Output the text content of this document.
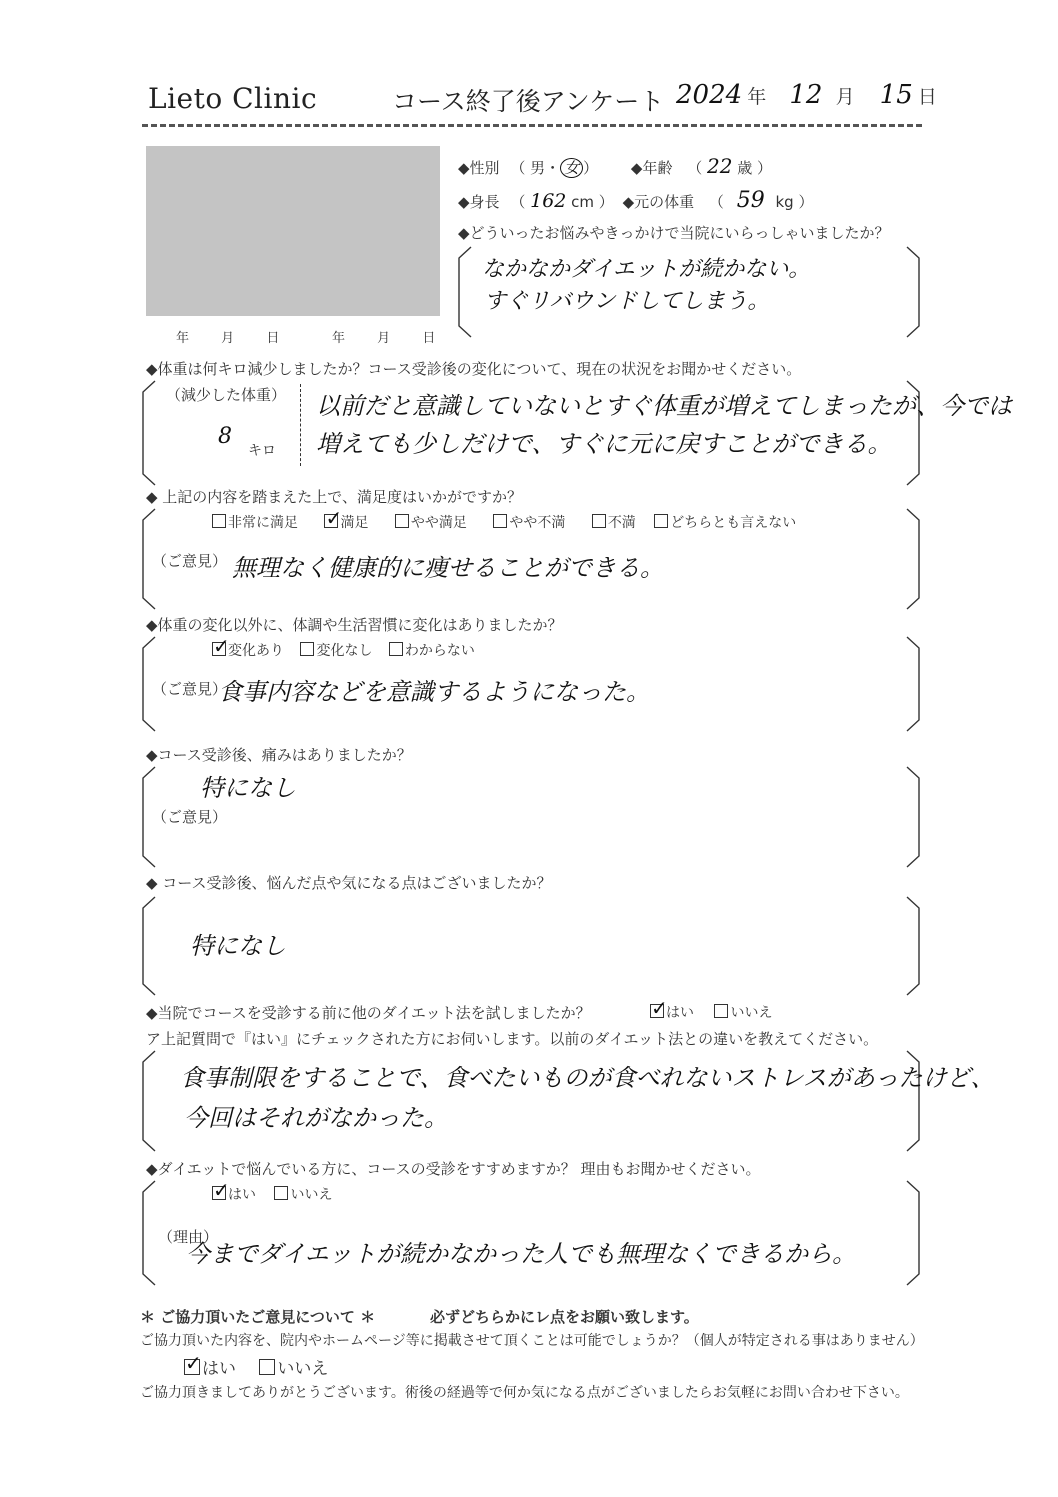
Lieto Clinic	コース終了後アンケート 2024 年 12 月 15 日
年 月 日	年 月 日
◆性別 （ 男・ 女 ） ◆年齢 （ 22 歳 ）
◆身長 （ 162 cm ） ◆元の体重 （ 59 kg ）
◆どういったお悩みやきっかけで当院にいらっしゃいましたか？
なかなかダイエットが続かない。
すぐリバウンドしてしまう。
◆体重は何キロ減少しましたか？コース受診後の変化について、現在の状況をお聞かせください。
（減少した体重）
8
キロ
以前だと意識していないとすぐ体重が増えてしまったが、今では
増えても少しだけで、すぐに元に戻すことができる。
◆ 上記の内容を踏まえた上で、満足度はいかがですか？
非常に満足 ✓	満足	やや満足	やや不満	不満 どちらとも言えない
（ご意見） 無理なく健康的に痩せることができる。
◆体重の変化以外に、体調や生活習慣に変化はありましたか？
✓変化あり 変化なし わからない
（ご意見）
食事内容などを意識するようになった。
◆コース受診後、痛みはありましたか？
特になし
（ご意見）
◆ コース受診後、悩んだ点や気になる点はございましたか？
特になし
◆当院でコースを受診する前に他のダイエット法を試しましたか？ ✓	はい	いいえ
ア上記質問で『はい』にチェックされた方にお伺いします。以前のダイエット法との違いを教えてください。
食事制限をすることで、食べたいものが食べれないストレスがあったけど、
今回はそれがなかった。
◆ダイエットで悩んでいる方に、コースの受診をすすめますか？ 理由もお聞かせください。
✓はい いいえ
（理由）
今までダイエットが続かなかった人でも無理なくできるから。
＊ ご協力頂いたご意見について ＊	必ずどちらかにレ点をお願い致します。
ご協力頂いた内容を、院内やホームページ等に掲載させて頂くことは可能でしょうか？（個人が特定される事はありません）
✓はい いいえ
ご協力頂きましてありがとうございます。術後の経過等で何か気になる点がございましたらお気軽にお問い合わせ下さい。
